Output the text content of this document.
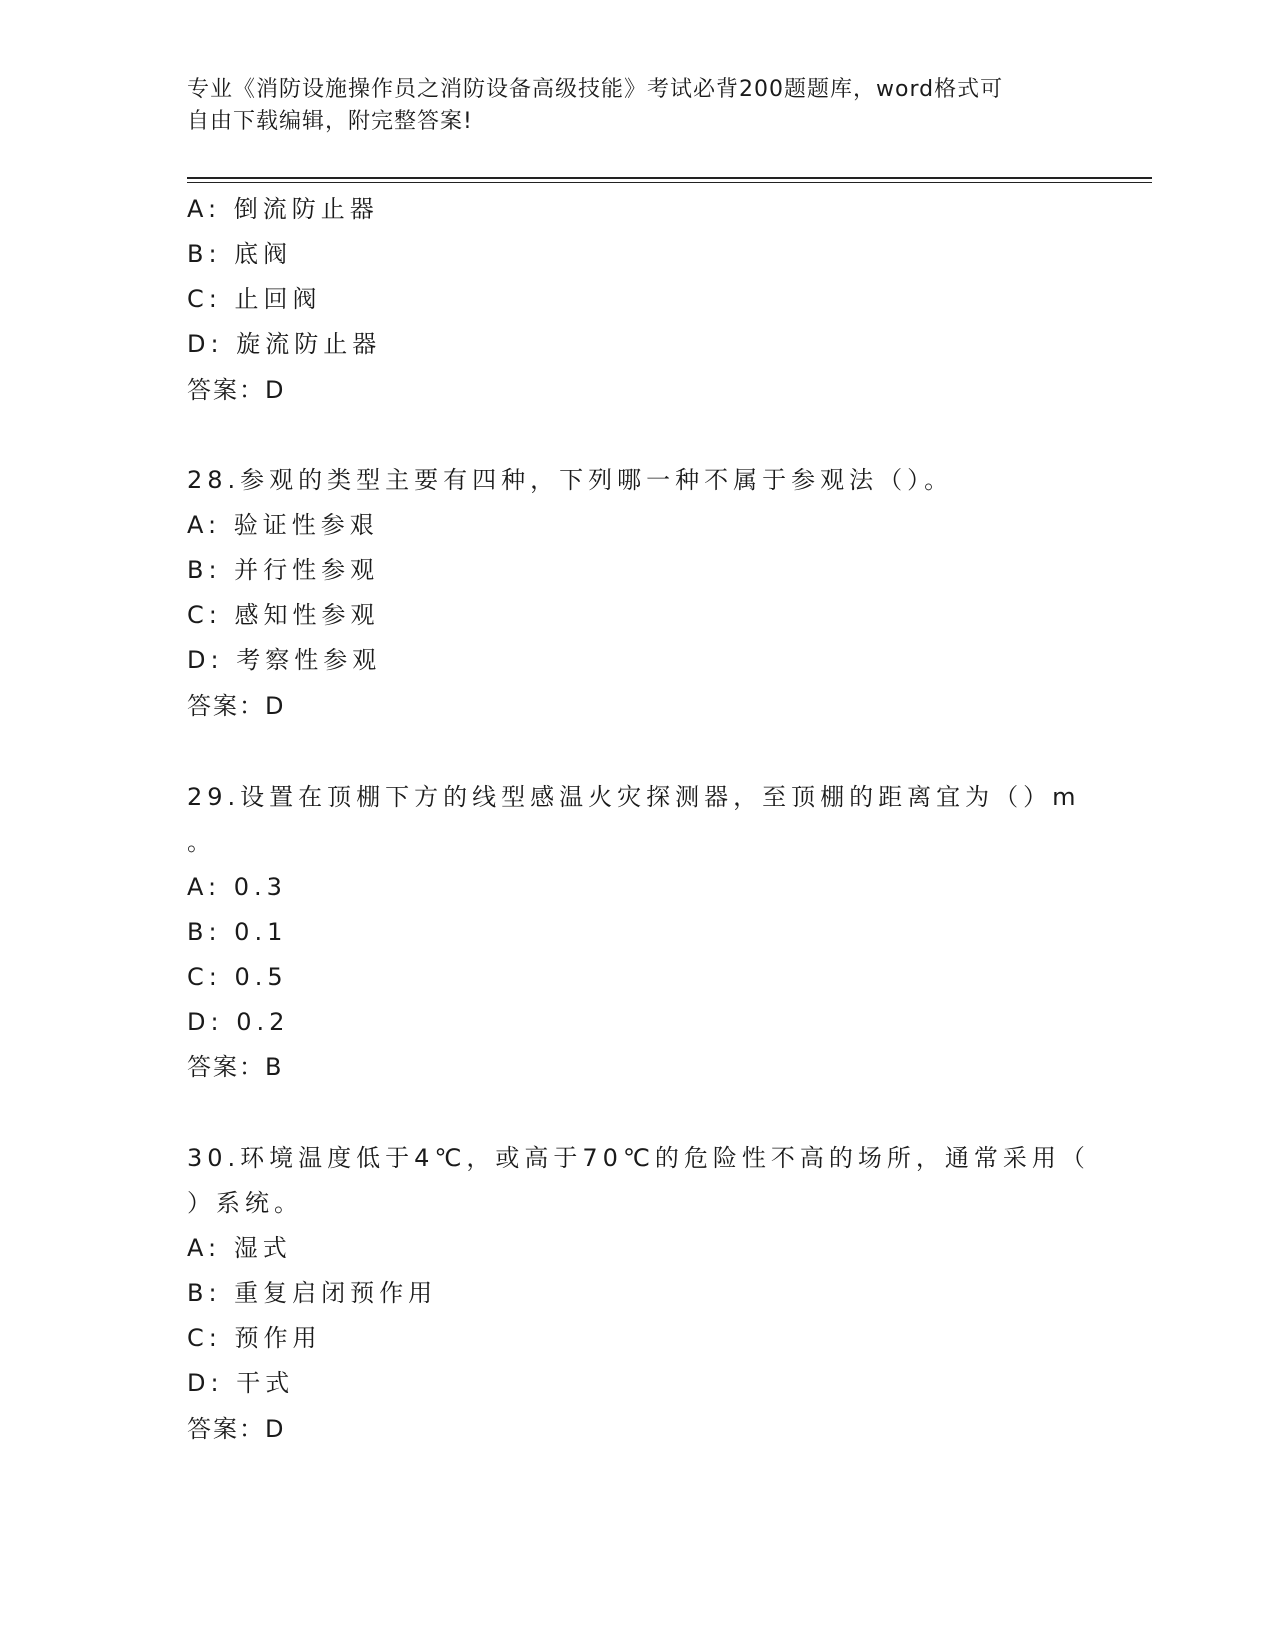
专业《消防设施操作员之消防设备高级技能》考试必背200题题库，word格式可
自由下载编辑，附完整答案!
A: 倒流防止器
B: 底阀
C: 止回阀
D: 旋流防止器
答案：D
28.参观的类型主要有四种，下列哪一种不属于参观法（）。
A: 验证性参艰
B: 并行性参观
C: 感知性参观
D: 考察性参观
答案：D
29.设置在顶棚下方的线型感温火灾探测器，至顶棚的距离宜为（）m
。
A: 0.3
B: 0.1
C: 0.5
D: 0.2
答案：B
30.环境温度低于4℃，或高于70℃的危险性不高的场所，通常采用（
）系统。
A: 湿式
B: 重复启闭预作用
C: 预作用
D: 干式
答案：D
